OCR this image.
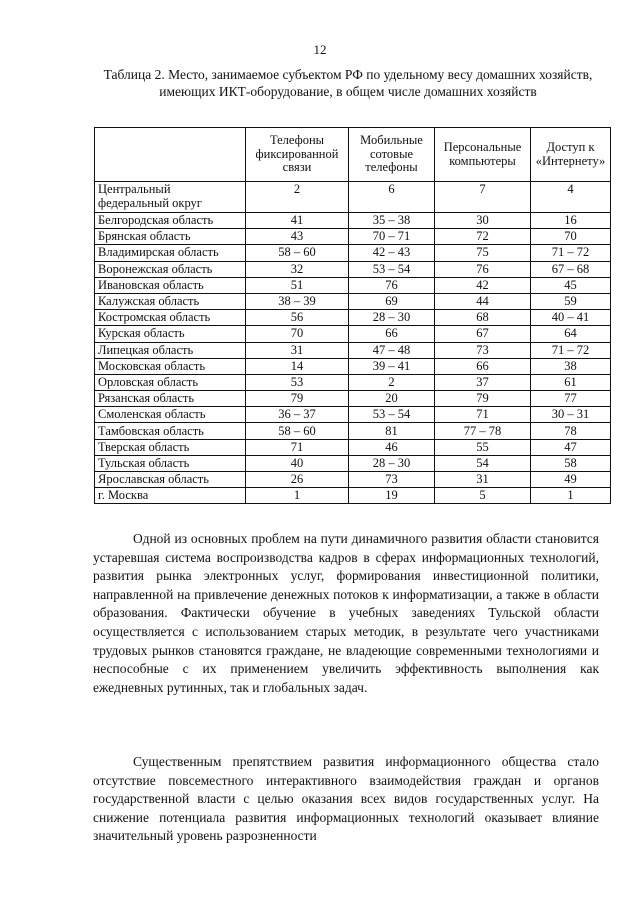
12
Таблица 2. Место, занимаемое субъектом РФ по удельному весу домашних хозяйств, имеющих ИКТ-оборудование, в общем числе домашних хозяйств
	Телефоны фиксированной связи	Мобильные сотовые телефоны	Персональные компьютеры	Доступ к «Интернету»
Центральный федеральный округ	2	6	7	4
Белгородская область	41	35 – 38	30	16
Брянская область	43	70 – 71	72	70
Владимирская область	58 – 60	42 – 43	75	71 – 72
Воронежская область	32	53 – 54	76	67 – 68
Ивановская область	51	76	42	45
Калужская область	38 – 39	69	44	59
Костромская область	56	28 – 30	68	40 – 41
Курская область	70	66	67	64
Липецкая область	31	47 – 48	73	71 – 72
Московская область	14	39 – 41	66	38
Орловская область	53	2	37	61
Рязанская область	79	20	79	77
Смоленская область	36 – 37	53 – 54	71	30 – 31
Тамбовская область	58 – 60	81	77 – 78	78
Тверская область	71	46	55	47
Тульская область	40	28 – 30	54	58
Ярославская область	26	73	31	49
г. Москва	1	19	5	1

Одной из основных проблем на пути динамичного развития области становится устаревшая система воспроизводства кадров в сферах информационных технологий, развития рынка электронных услуг, формирования инвестиционной политики, направленной на привлечение денежных потоков к информатизации, а также в области образования. Фактически обучение в учебных заведениях Тульской области осуществляется с использованием старых методик, в результате чего участниками трудовых рынков становятся граждане, не владеющие современными технологиями и неспособные с их применением увеличить эффективность выполнения как ежедневных рутинных, так и глобальных задач.

Существенным препятствием развития информационного общества стало отсутствие повсеместного интерактивного взаимодействия граждан и органов государственной власти с целью оказания всех видов государственных услуг. На снижение потенциала развития информационных технологий оказывает влияние значительный уровень разрозненности
